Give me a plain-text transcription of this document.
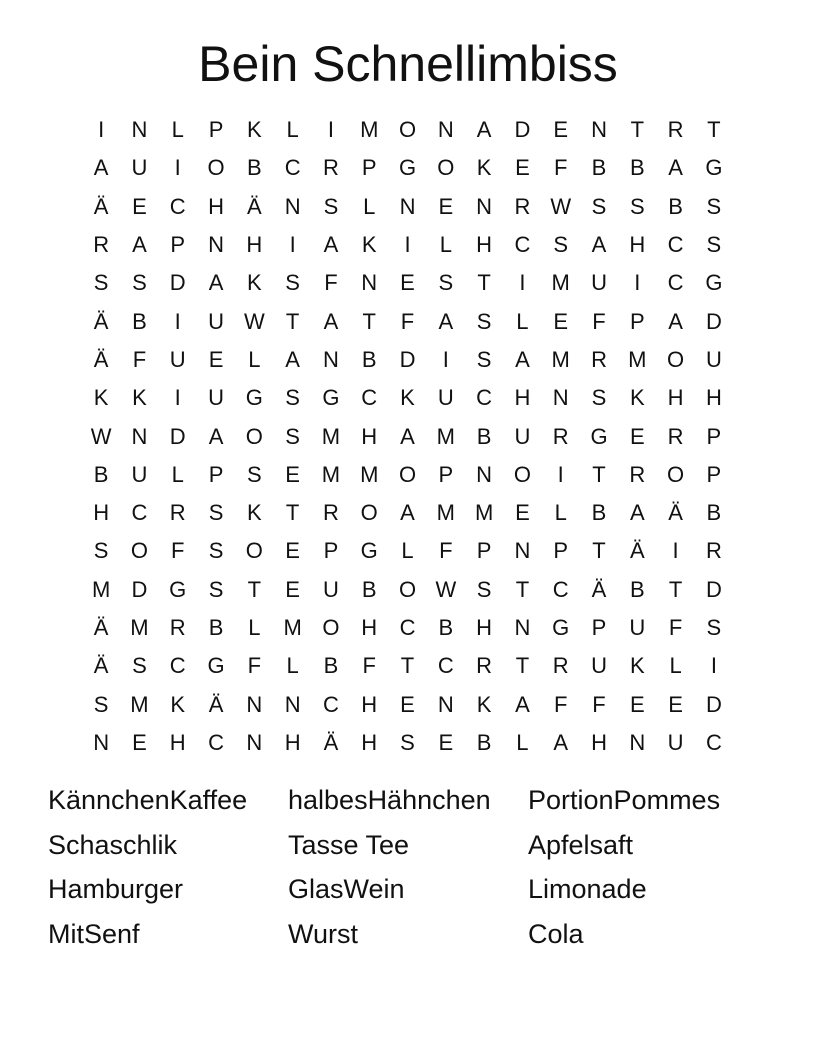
Bein Schnellimbiss
I	N	L	P	K	L	I	M O N	A	D	E	N	T	R	T
A	U	I	O	B	C	R	P	G O	K	E	F	B	B	A	G
Ä	E	C	H	Ä	N	S	L	N	E	N	R W S	S	B	S
R	A	P	N	H	I	A	K	I	L	H	C	S	A	H	C	S
S	S	D	A	K	S	F	N	E	S	T	I	M U	I	C G
Ä	B	I	U W T	A	T	F	A	S	L	E	F	P	A	D
Ä	F	U	E	L	A	N	B	D	I	S	A M R M O U
K	K	I	U G	S	G C	K	U	C	H	N	S	K	H	H
W N	D	A	O	S M H	A M B	U	R G	E	R	P
B	U	L	P	S	E M M O	P	N O	I	T	R O	P
H	C	R	S	K	T	R O	A M M E	L	B	A	Ä	B
S	O	F	S	O	E	P	G	L	F	P	N	P	T	Ä	I	R
M D G	S	T	E	U	B	O W S	T	C	Ä	B	T	D
Ä M R	B	L	M O H	C	B	H	N G	P	U	F	S
Ä	S	C G	F	L	B	F	T	C	R	T	R	U	K	L	I
S M K	Ä	N	N	C	H	E	N	K	A	F	F	E	E	D
N	E	H	C	N	H	Ä	H	S	E	B	L	A	H	N	U	C
KännchenKaffee	halbesHähnchen	PortionPommes
Schaschlik	Tasse Tee	Apfelsaft
Hamburger	GlasWein	Limonade
MitSenf	Wurst	Cola
